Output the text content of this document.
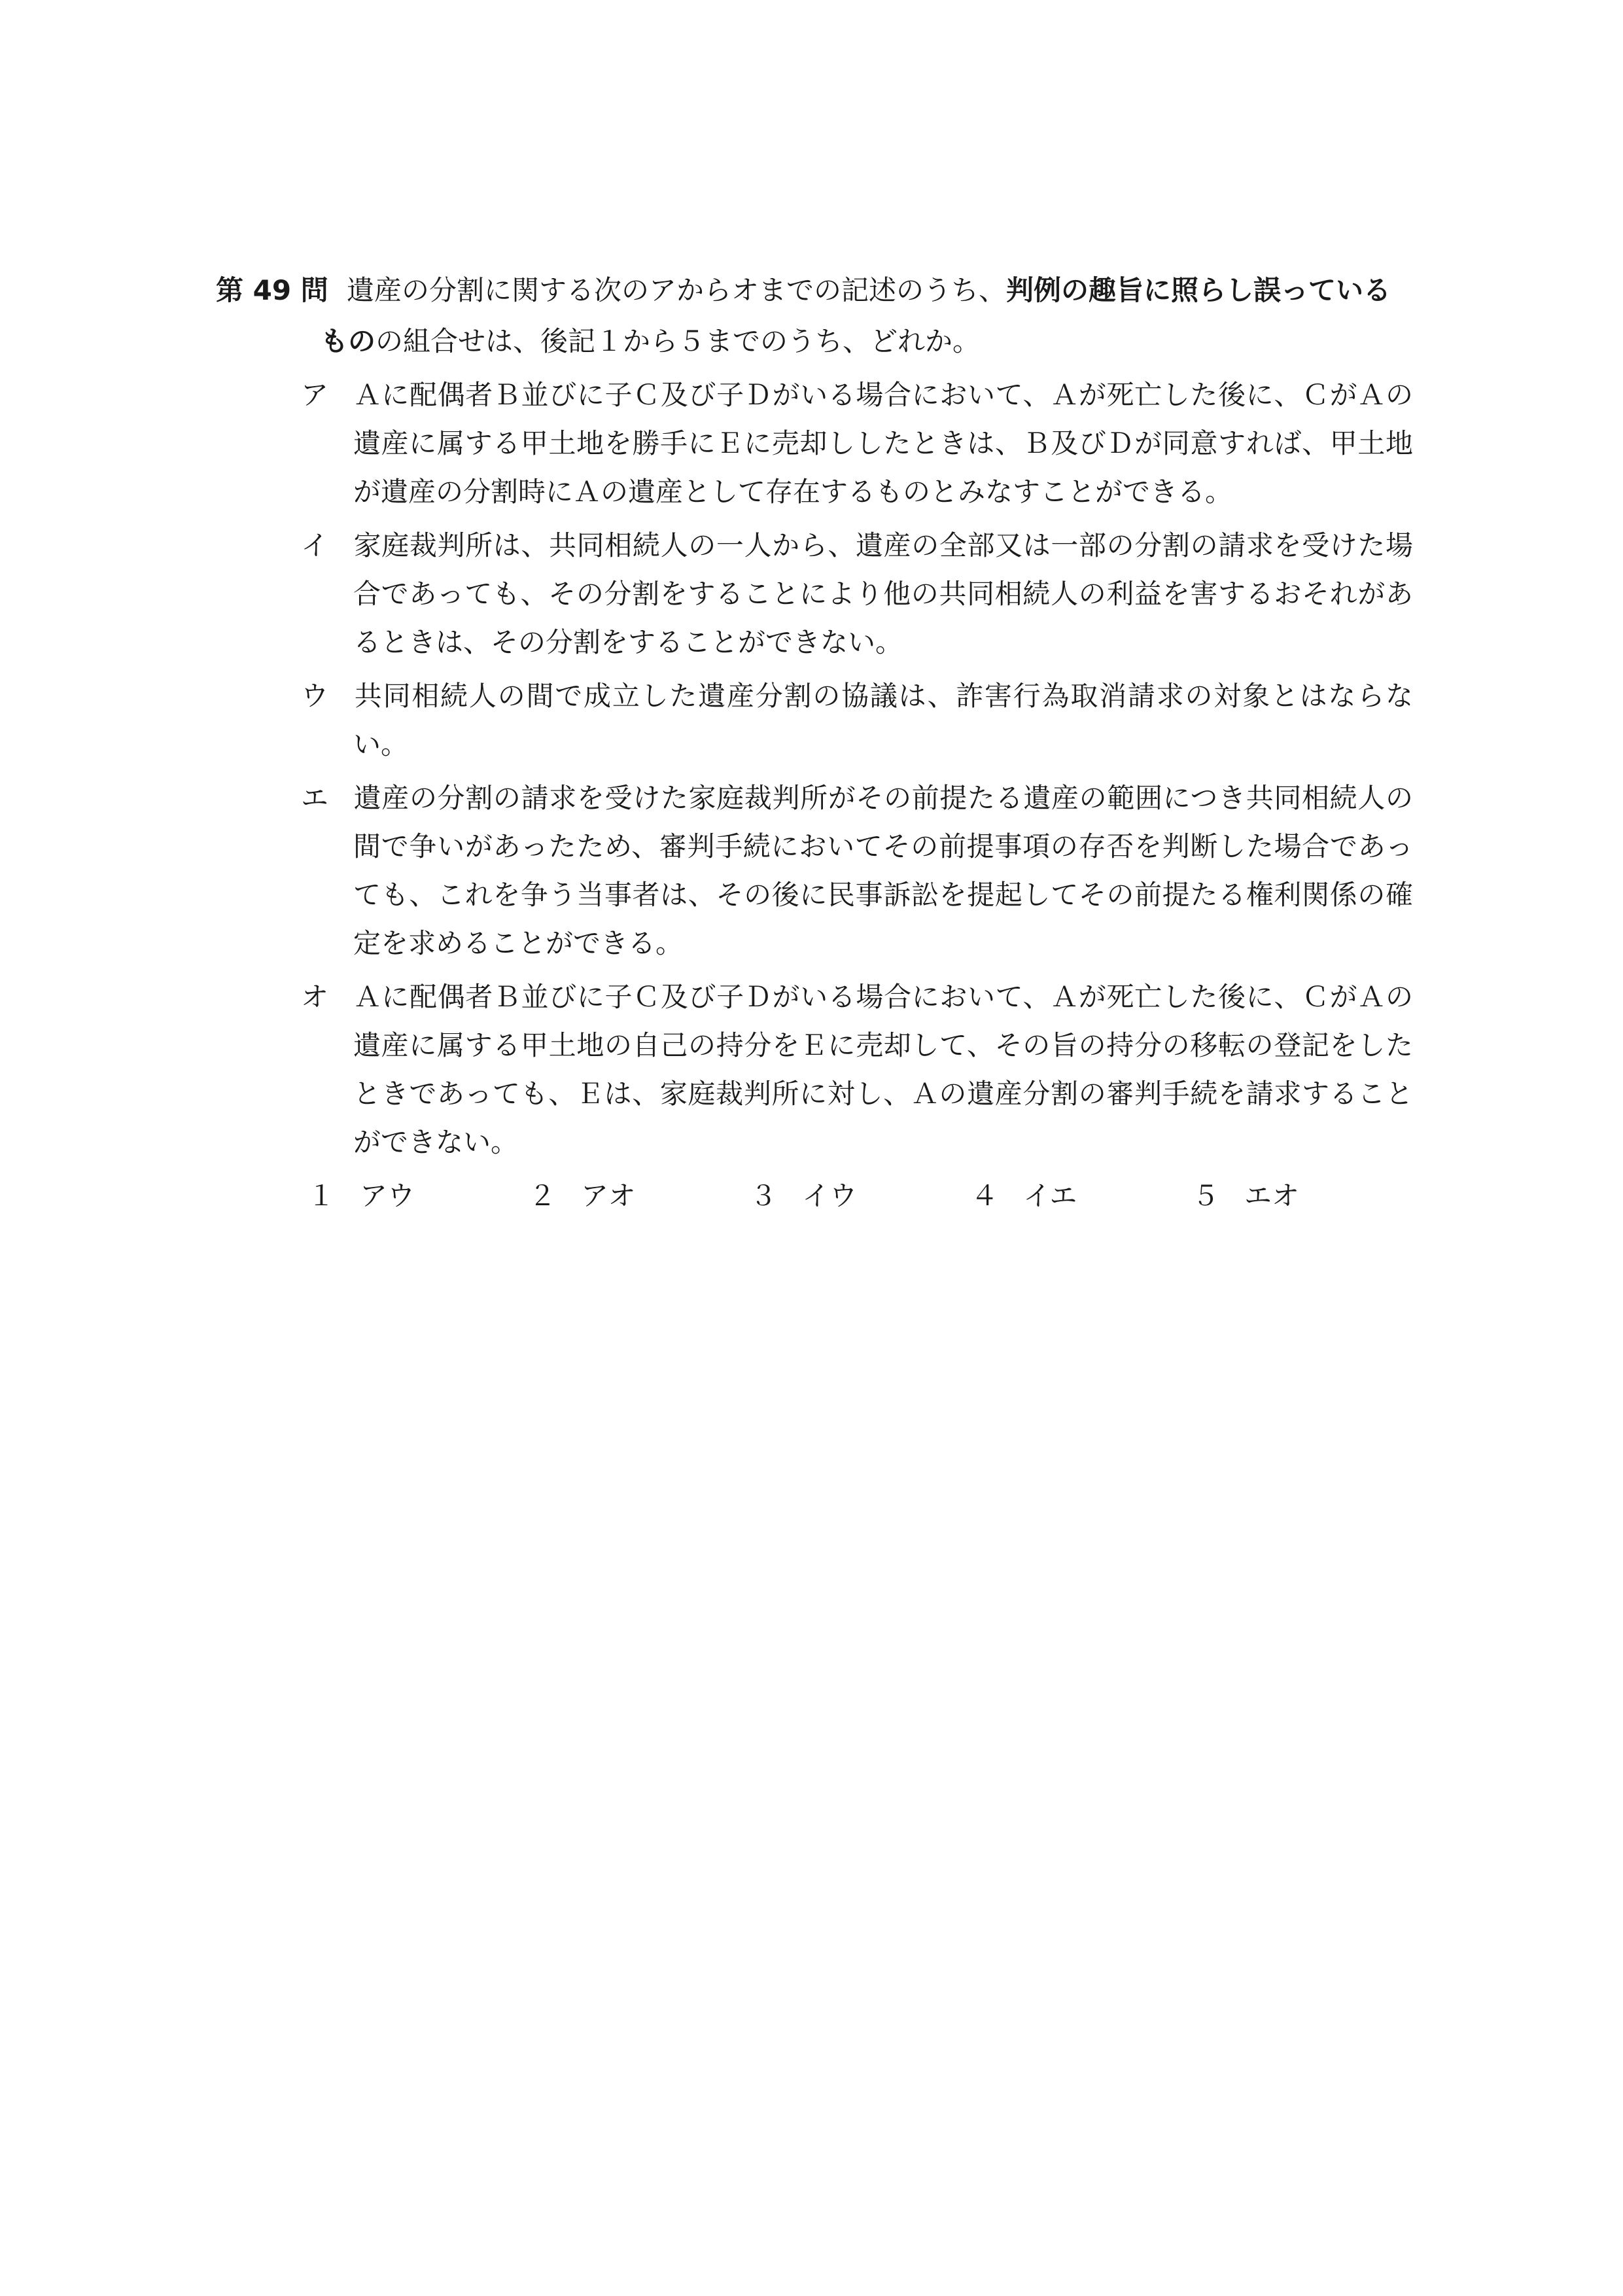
第 49 問 遺産の分割に関する次のアからオまでの記述のうち、判例の趣旨に照らし誤っているものの組合せは、後記１から５までのうち、どれか。
ア Ａに配偶者Ｂ並びに子Ｃ及び子Ｄがいる場合において、Ａが死亡した後に、ＣがＡの遺産に属する甲土地を勝手にＥに売却ししたときは、Ｂ及びＤが同意すれば、甲土地が遺産の分割時にＡの遺産として存在するものとみなすことができる。
イ 家庭裁判所は、共同相続人の一人から、遺産の全部又は一部の分割の請求を受けた場合であっても、その分割をすることにより他の共同相続人の利益を害するおそれがあるときは、その分割をすることができない。
ウ 共同相続人の間で成立した遺産分割の協議は、詐害行為取消請求の対象とはならない。
エ 遺産の分割の請求を受けた家庭裁判所がその前提たる遺産の範囲につき共同相続人の間で争いがあったため、審判手続においてその前提事項の存否を判断した場合であっても、これを争う当事者は、その後に民事訴訟を提起してその前提たる権利関係の確定を求めることができる。
オ Ａに配偶者Ｂ並びに子Ｃ及び子Ｄがいる場合において、Ａが死亡した後に、ＣがＡの遺産に属する甲土地の自己の持分をＥに売却して、その旨の持分の移転の登記をしたときであっても、Ｅは、家庭裁判所に対し、Ａの遺産分割の審判手続を請求することができない。
１ アウ	２ アオ	３ イウ	４ イエ	５ エオ
